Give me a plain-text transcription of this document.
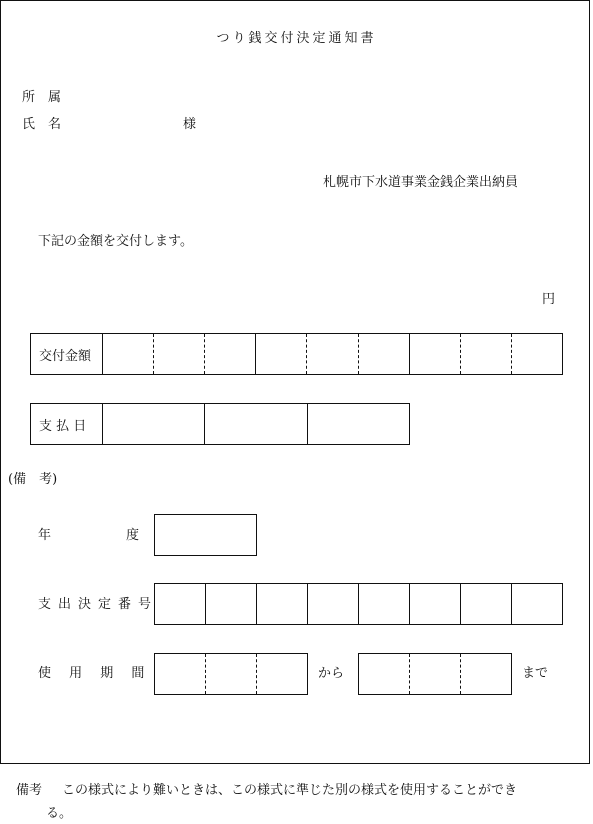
つり銭交付決定通知書
所　属
氏　名	様
札幌市下水道事業金銭企業出納員
下記の金額を交付します。
円
交付金額
支 払 日
(備　考)
年	度
支出決定番号
使 用 期 間	から	まで
備考 この様式により難いときは、この様式に準じた別の様式を使用することができ
る。
